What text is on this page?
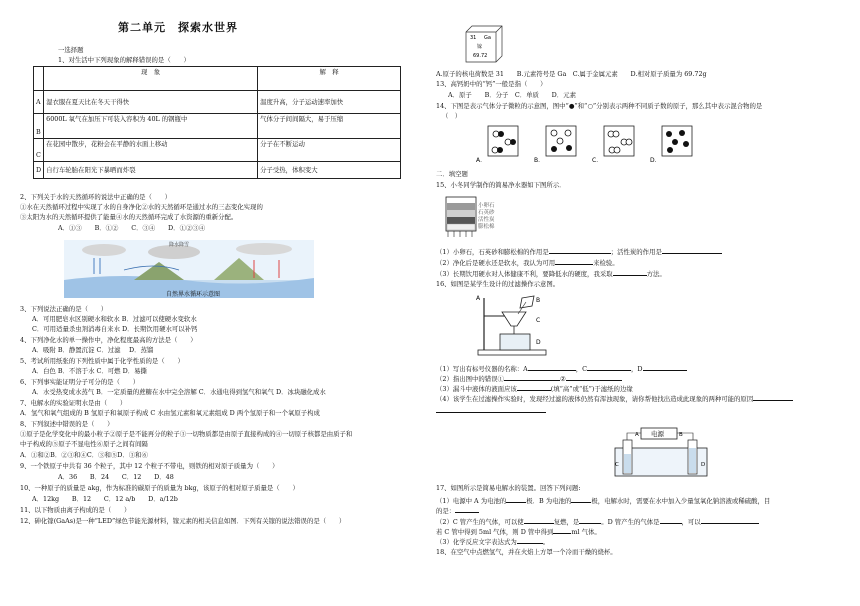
第二单元　探索水世界
一选择题
1、对生活中下列现象的解释错误的是（　　）
	现　象	解　释
A	湿衣服在夏天比在冬天干得快	温度升高，分子运动速率加快
B	6000L 氧气在加压下可装入容积为 40L 的钢瓶中	气体分子间间隔大，易于压缩
C	在花园中散步，花粉会在平静的水面上移动	分子在不断运动
D	自行车轮胎在阳光下暴晒而炸裂	分子受热，体积变大
2、下列关于水的天然循环的说法中正确的是（　　）
①水在天然循环过程中实现了水的自身净化②水的天然循环是通过水的三态变化实现的
③太阳为水的天然循环提供了能量④水的天然循环完成了水资源的重新分配。
A．①③　　B．①②　　C．③④　　D．①②③④
降水降雪
自然界水循环示意图
3、下列说法正确的是（　　）
A．可用肥皂水区别硬水和软水 B．过滤可以使硬水变软水
C．可用适量杀虫剂消毒自来水 D．长期饮用硬水可以补钙
4、下列净化水的单一操作中，净化程度最高的方法是（　　）
A．吸附 B．静置沉淀 C．过滤　 D．蒸馏
5、考试所用纸张的下列性质中属于化学性质的是（　　）
A．白色 B．不溶于水 C．可燃 D．易撕
6、下列事实能证明分子可分的是（　　）
A．水受热变成水蒸气 B．一定质量的蔗糖在水中完全溶解 C．水通电得到氢气和氧气 D．冰块融化成水
7、电解水的实验证明水是由（　　）
A．氢气和氧气组成的 B 氢原子和氧原子构成 C 水由氢元素和氧元素组成 D 两个氢原子和一个氧原子构成
8、下列叙述中错误的是（　　）
①原子是化学变化中的最小粒子②原子是不能再分的粒子③一切物质都是由原子直接构成的④一切原子核都是由质子和
中子构成的⑤原子不显电性⑥原子之间有间隔
A．①和②B．②③和④C．③和⑤D．③和⑥
9、一个铁原子中共有 36 个粒子，其中 12 个粒子不带电，则铁的相对原子质量为（　　）
A．36　　B．24　　C．12　　D．48
10、一种原子的质量是 akg，作为标准的碳原子的质量为 bkg，该原子的相对原子质量是（　　）
A．12kg　　B．12　　C．12 a/b　　D．a/12b
11、以下物质由离子构成的是（　　）
12、砷化镓(GaAs)是一种“LED”绿色节能光源材料，镓元素的相关信息如图．下列有关镓的说法错误的是（　　）
31 Ga
镓
69.72
A.原子的核电荷数是 31　　B.元素符号是 Ga　C.属于金属元素　　D.相对原子质量为 69.72g
13、高钙奶中的“钙”一般是指（　　）
A．原子　　B．分子　C．单质　　D．元素
14、下图是表示气体分子微粒的示意图，图中“●”和“○”分别表示两种不同质子数的原子，那么其中表示混合物的是
（　）
A．	B．	C．	D．
二．填空题
15、小冬同学制作的简易净水器如下图所示．
小卵石
石英砂
活性炭
膨松棉
（1）小卵石，石英砂和膨松棉的作用是	；活性炭的作用是
（2）净化后是硬水还是软水，我认为可用	来检验。
（3）长期饮用硬水对人体健康不利，要降低水的硬度，我采取	方法。
16、如图是某学生设计的过滤操作示意图。
A	B
C
D
（1）写出有标号仪器的名称：A	，C	，D
（2）指出图中的错误①	②
（3）漏斗中液体的液面应该	(填“高”或“低”)于滤纸的边缘
（4）该学生在过滤操作实验时，发现经过滤的液体仍然有浑浊现象，请你帮他找出造成此现象的两种可能的原因
电源
A	B
C	D
17、如图所示是简易电解水的装置。回答下列问题:
（1）电源中 A 为电池的	极．B 为电池的	极，电解水时，需要在水中加入少量氢氧化钠溶液或稀硫酸，目
的是：
（2）C 管产生的气体，可以使	复燃，是	。D 管产生的气体是	，可以
若 C 管中得到 5ml 气体，则 D 管中得到	ml 气体。
（3）化学反应文字表达式为	。
18、在空气中点燃氢气，并在火焰上方罩一个冷而干燥的烧杯。
